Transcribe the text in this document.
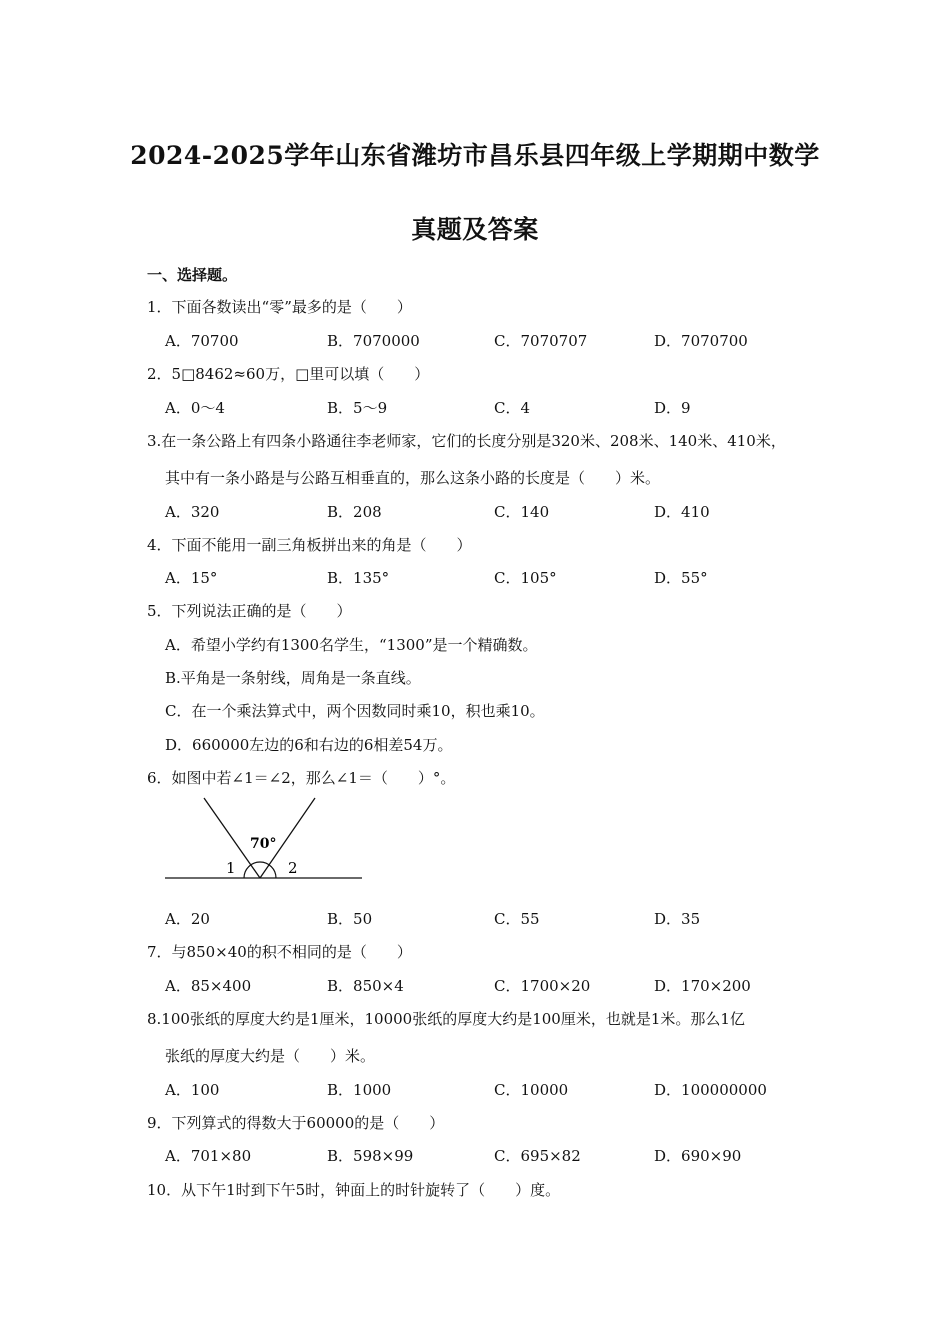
2024-2025学年山东省潍坊市昌乐县四年级上学期期中数学
真题及答案
一、选择题。
1．下面各数读出“零”最多的是（　　）
A．70700	B．7070000	C．7070707	D．7070700
2．5□8462≈60万，□里可以填（　　）
A．0～4	B．5～9	C．4	D．9
3.在一条公路上有四条小路通往李老师家，它们的长度分别是320米、208米、140米、410米，
其中有一条小路是与公路互相垂直的，那么这条小路的长度是（　　）米。
A．320	B．208	C．140	D．410
4．下面不能用一副三角板拼出来的角是（　　）
A．15°	B．135°	C．105°	D．55°
5．下列说法正确的是（　　）
A．希望小学约有1300名学生，“1300”是一个精确数。
B.平角是一条射线，周角是一条直线。
C．在一个乘法算式中，两个因数同时乘10，积也乘10。
D．660000左边的6和右边的6相差54万。
6．如图中若∠1＝∠2，那么∠1＝（　　）°。
70°
1	2
A．20	B．50	C．55	D．35
7．与850×40的积不相同的是（　　）
A．85×400	B．850×4	C．1700×20	D．170×200
8.100张纸的厚度大约是1厘米，10000张纸的厚度大约是100厘米，也就是1米。那么1亿
张纸的厚度大约是（　　）米。
A．100	B．1000	C．10000	D．100000000
9．下列算式的得数大于60000的是（　　）
A．701×80	B．598×99	C．695×82	D．690×90
10．从下午1时到下午5时，钟面上的时针旋转了（　　）度。
